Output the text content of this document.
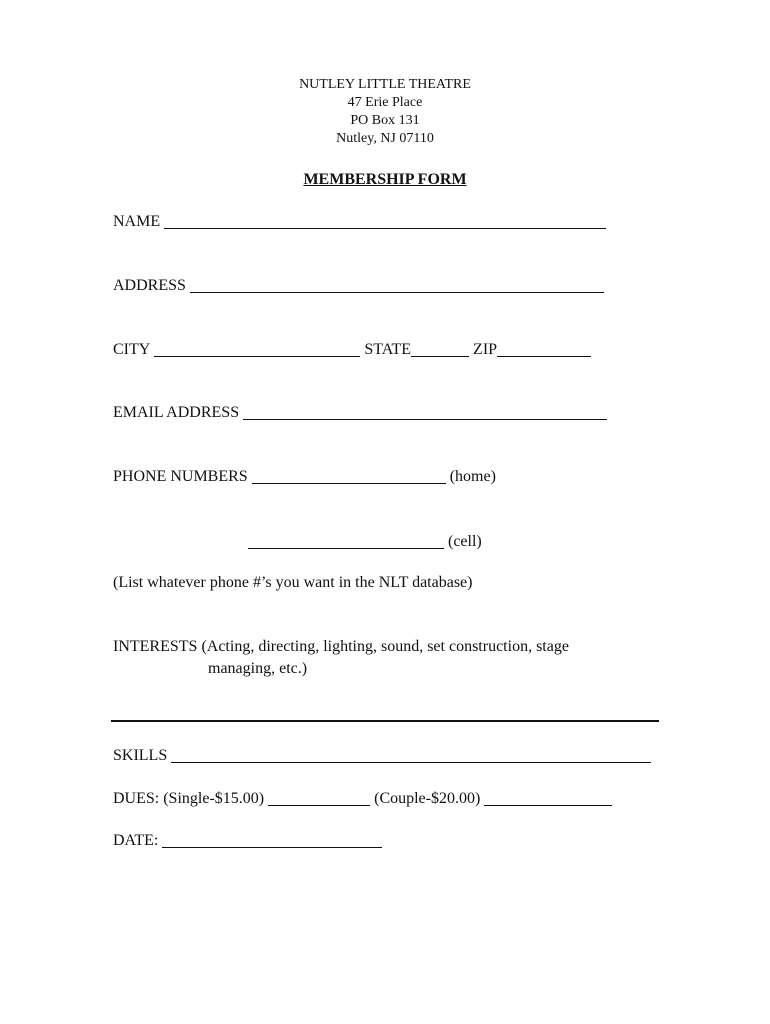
NUTLEY LITTLE THEATRE
47 Erie Place
PO Box 131
Nutley, NJ 07110
MEMBERSHIP FORM
NAME
ADDRESS
CITY	STATE	ZIP
EMAIL ADDRESS
PHONE NUMBERS	(home)
(cell)
(List whatever phone #’s you want in the NLT database)
INTERESTS (Acting, directing, lighting, sound, set construction, stage
managing, etc.)
SKILLS
DUES: (Single-$15.00)	(Couple-$20.00)
DATE:
